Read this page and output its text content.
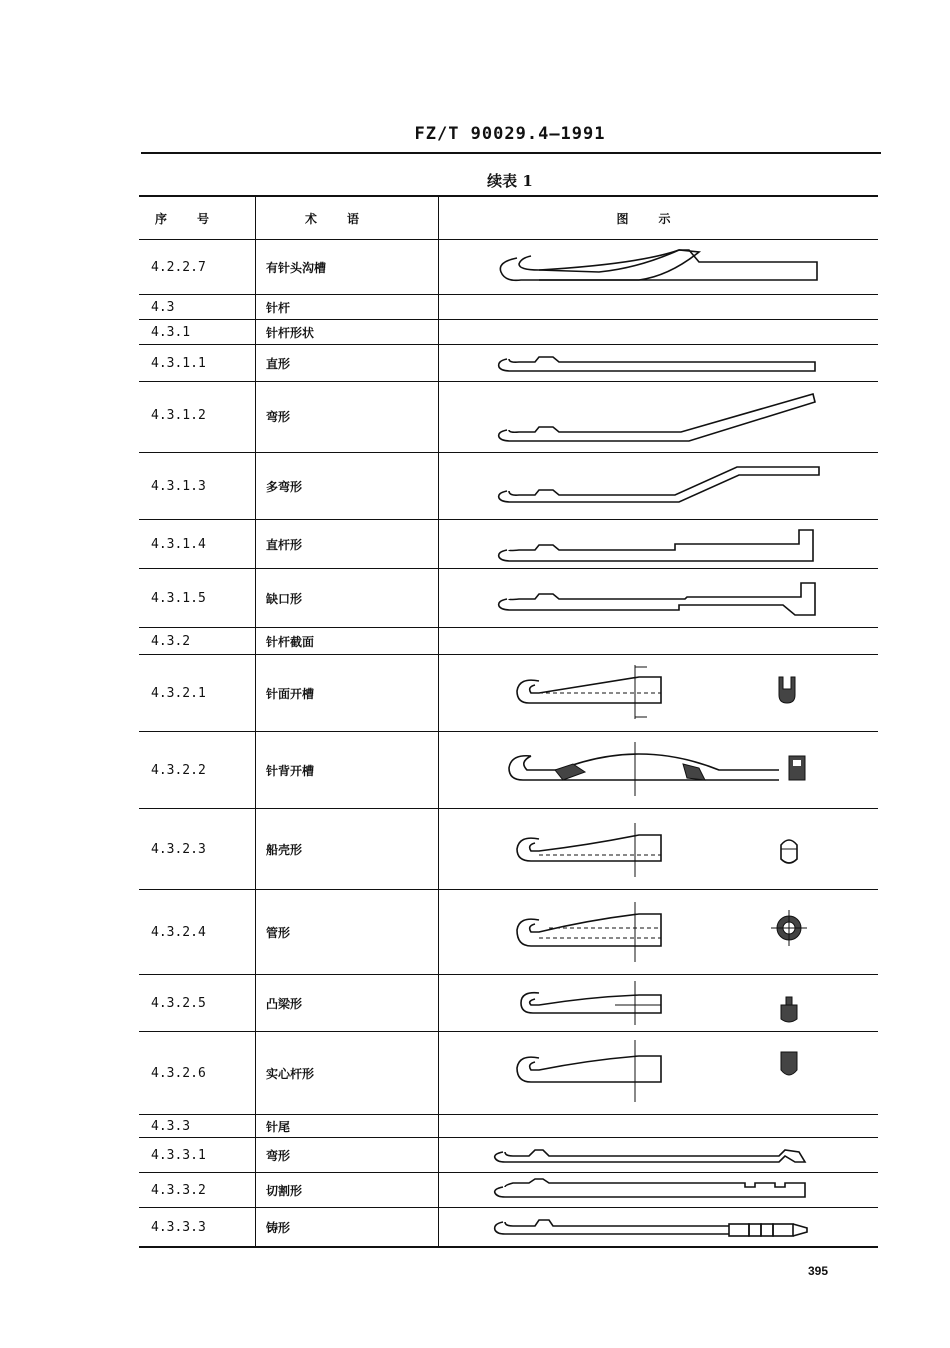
FZ/T 90029.4—1991
续表 1
序号	术语	图示
4.2.2.7	有针头沟槽
4.3	针杆
4.3.1	针杆形状
4.3.1.1	直形
4.3.1.2	弯形
4.3.1.3	多弯形
4.3.1.4	直杆形
4.3.1.5	缺口形
4.3.2	针杆截面
4.3.2.1	针面开槽
4.3.2.2	针背开槽
4.3.2.3	船壳形
4.3.2.4	管形
4.3.2.5	凸梁形
4.3.2.6	实心杆形
4.3.3	针尾
4.3.3.1	弯形
4.3.3.2	切割形
4.3.3.3	铸形
395
